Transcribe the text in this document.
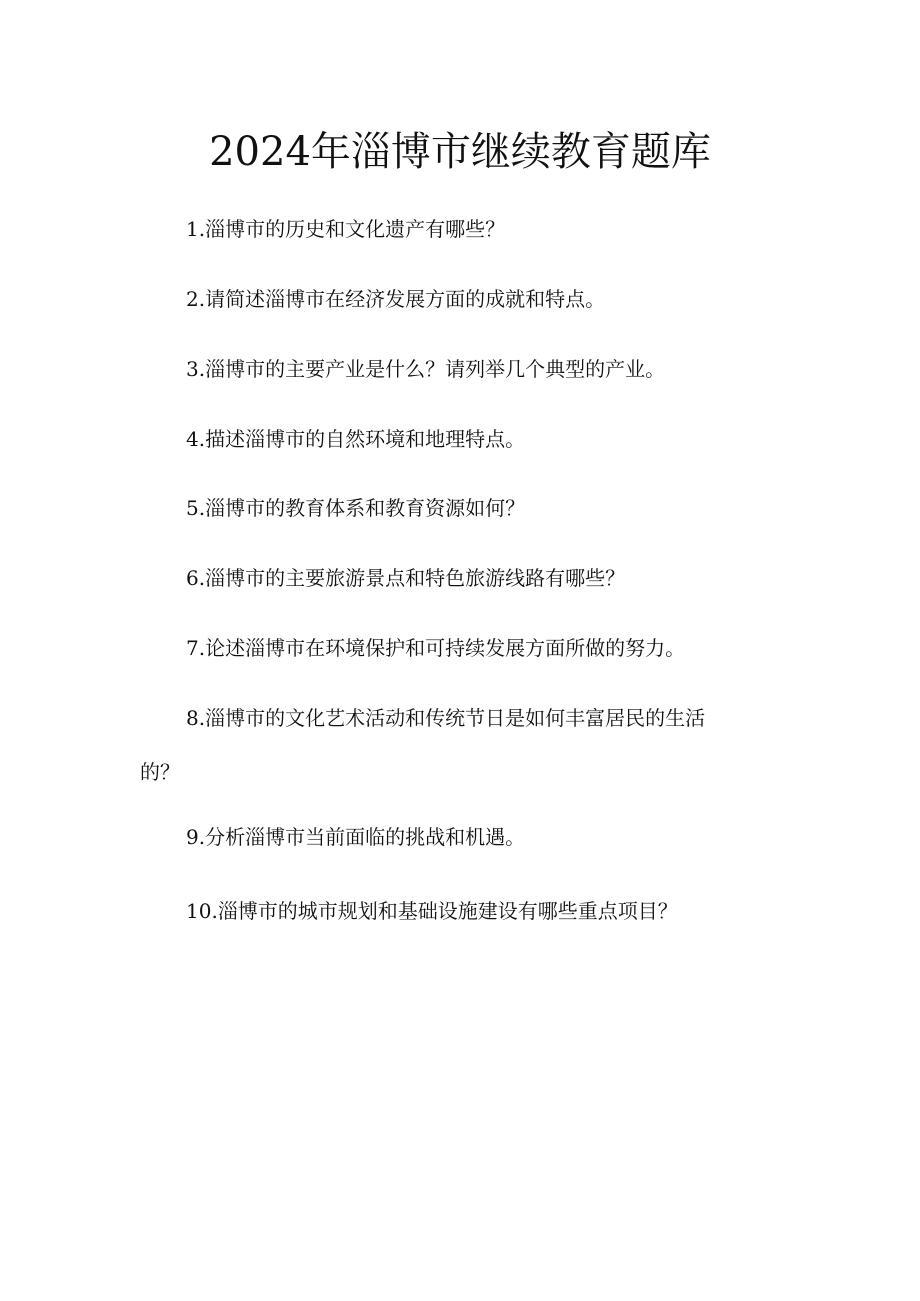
2024年淄博市继续教育题库
1.淄博市的历史和文化遗产有哪些？
2.请简述淄博市在经济发展方面的成就和特点。
3.淄博市的主要产业是什么？请列举几个典型的产业。
4.描述淄博市的自然环境和地理特点。
5.淄博市的教育体系和教育资源如何？
6.淄博市的主要旅游景点和特色旅游线路有哪些？
7.论述淄博市在环境保护和可持续发展方面所做的努力。
8.淄博市的文化艺术活动和传统节日是如何丰富居民的生活
的？
9.分析淄博市当前面临的挑战和机遇。
10.淄博市的城市规划和基础设施建设有哪些重点项目？
